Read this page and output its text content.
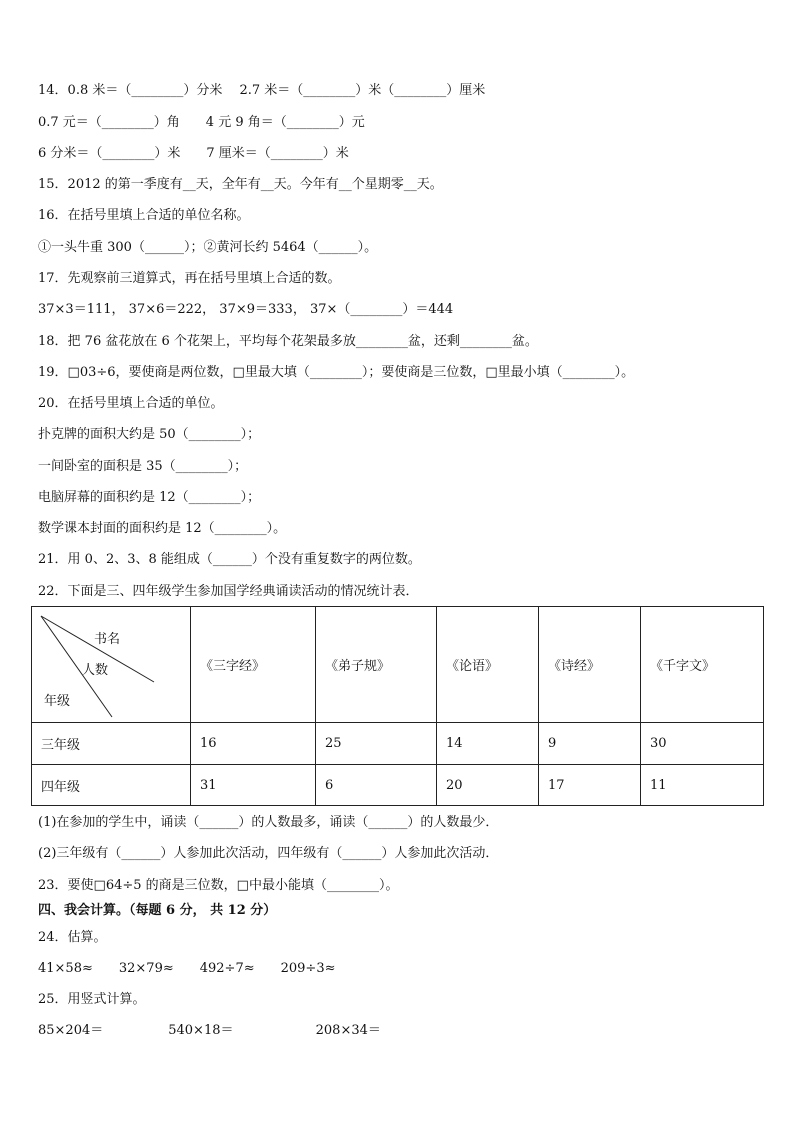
14．0.8 米＝（________）分米　 2.7 米＝（________）米（________）厘米
0.7 元＝（________）角　　4 元 9 角＝（________）元
6 分米＝（________）米　　7 厘米＝（________）米
15．2012 的第一季度有__天，全年有__天。今年有__个星期零__天。
16．在括号里填上合适的单位名称。
①一头牛重 300（______）；②黄河长约 5464（______）。
17．先观察前三道算式，再在括号里填上合适的数。
37×3＝111， 37×6＝222， 37×9＝333， 37×（________）＝444
18．把 76 盆花放在 6 个花架上，平均每个花架最多放________盆，还剩________盆。
19．□03÷6，要使商是两位数，□里最大填（________）；要使商是三位数，□里最小填（________）。
20．在括号里填上合适的单位。
扑克牌的面积大约是 50（________）；
一间卧室的面积是 35（________）；
电脑屏幕的面积约是 12（________）；
数学课本封面的面积约是 12（________）。
21．用 0、2、3、8 能组成（______）个没有重复数字的两位数。
22．下面是三、四年级学生参加国学经典诵读活动的情况统计表．
书名
人数
年级	《三字经》	《弟子规》	《论语》	《诗经》	《千字文》
三年级	16	25	14	9	30
四年级	31	6	20	17	11
(1)在参加的学生中，诵读（______）的人数最多，诵读（______）的人数最少．
(2)三年级有（______）人参加此次活动，四年级有（______）人参加此次活动．
23．要使□64÷5 的商是三位数，□中最小能填（________）。
四、我会计算。（每题 6 分， 共 12 分）
24．估算。
41×58≈　　32×79≈　　492÷7≈　　209÷3≈
25．用竖式计算。
85×204＝　　　　　540×18＝　　　　　　 208×34＝
